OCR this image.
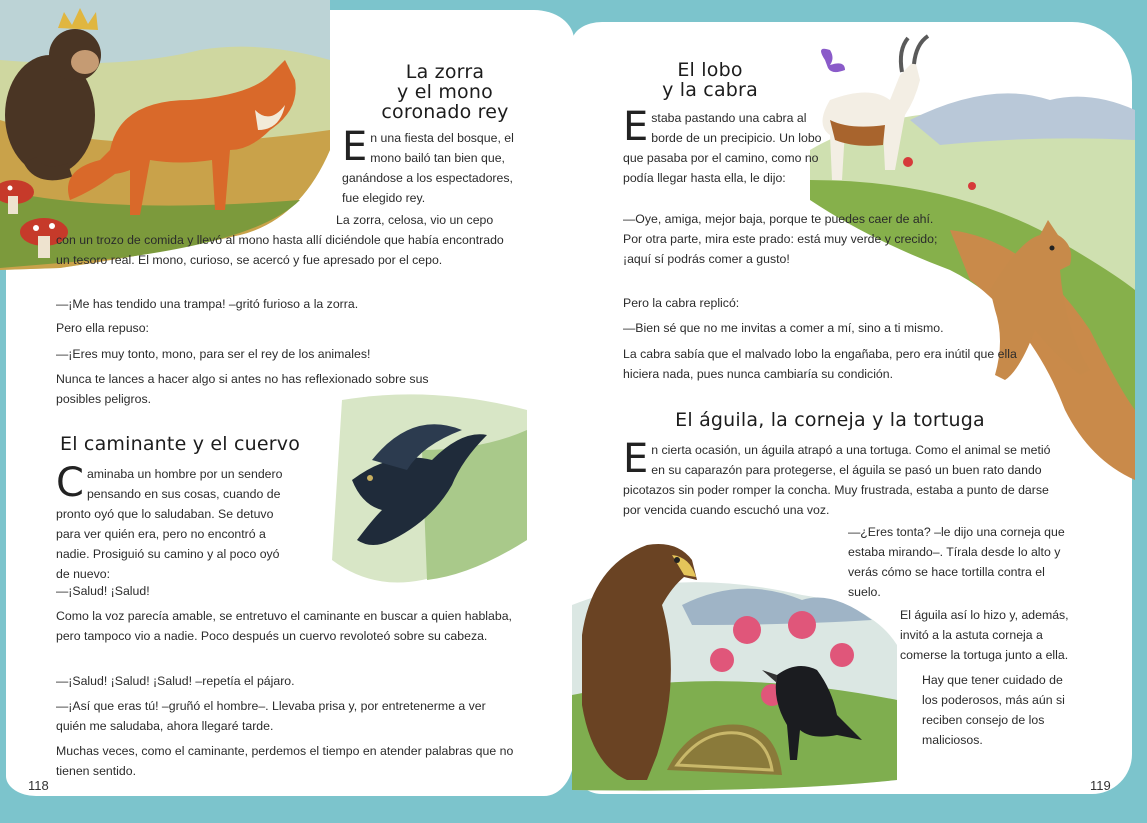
La zorra
y el mono
coronado rey

En una fiesta del bosque, el mono bailó tan bien que, ganándose a los espectadores, fue elegido rey.

La zorra, celosa, vio un cepo con un trozo de comida y llevó al mono hasta allí diciéndole que había encontrado un tesoro real. El mono, curioso, se acercó y fue apresado por el cepo.

—¡Me has tendido una trampa! –gritó furioso a la zorra.

Pero ella repuso:

—¡Eres muy tonto, mono, para ser el rey de los animales!

Nunca te lances a hacer algo si antes no has reflexionado sobre sus posibles peligros.

El caminante y el cuervo

Caminaba un hombre por un sendero pensando en sus cosas, cuando de pronto oyó que lo saludaban. Se detuvo para ver quién era, pero no encontró a nadie. Prosiguió su camino y al poco oyó de nuevo:

—¡Salud! ¡Salud!

Como la voz parecía amable, se entretuvo el caminante en buscar a quien hablaba, pero tampoco vio a nadie. Poco después un cuervo revoloteó sobre su cabeza.

—¡Salud! ¡Salud! ¡Salud! –repetía el pájaro.

—¡Así que eras tú! –gruñó el hombre–. Llevaba prisa y, por entretenerme a ver quién me saludaba, ahora llegaré tarde.

Muchas veces, como el caminante, perdemos el tiempo en atender palabras que no tienen sentido.

118
El lobo
y la cabra

Estaba pastando una cabra al borde de un precipicio. Un lobo que pasaba por el camino, como no podía llegar hasta ella, le dijo:

—Oye, amiga, mejor baja, porque te puedes caer de ahí. Por otra parte, mira este prado: está muy verde y crecido; ¡aquí sí podrás comer a gusto!

Pero la cabra replicó:

—Bien sé que no me invitas a comer a mí, sino a ti mismo.

La cabra sabía que el malvado lobo la engañaba, pero era inútil que ella hiciera nada, pues nunca cambiaría su condición.

El águila, la corneja y la tortuga

En cierta ocasión, un águila atrapó a una tortuga. Como el animal se metió en su caparazón para protegerse, el águila se pasó un buen rato dando picotazos sin poder romper la concha. Muy frustrada, estaba a punto de darse por vencida cuando escuchó una voz.

—¿Eres tonta? –le dijo una corneja que estaba mirando–. Tírala desde lo alto y verás cómo se hace tortilla contra el suelo.

El águila así lo hizo y, además, invitó a la astuta corneja a comerse la tortuga junto a ella.

Hay que tener cuidado de los poderosos, más aún si reciben consejo de los maliciosos.

119
